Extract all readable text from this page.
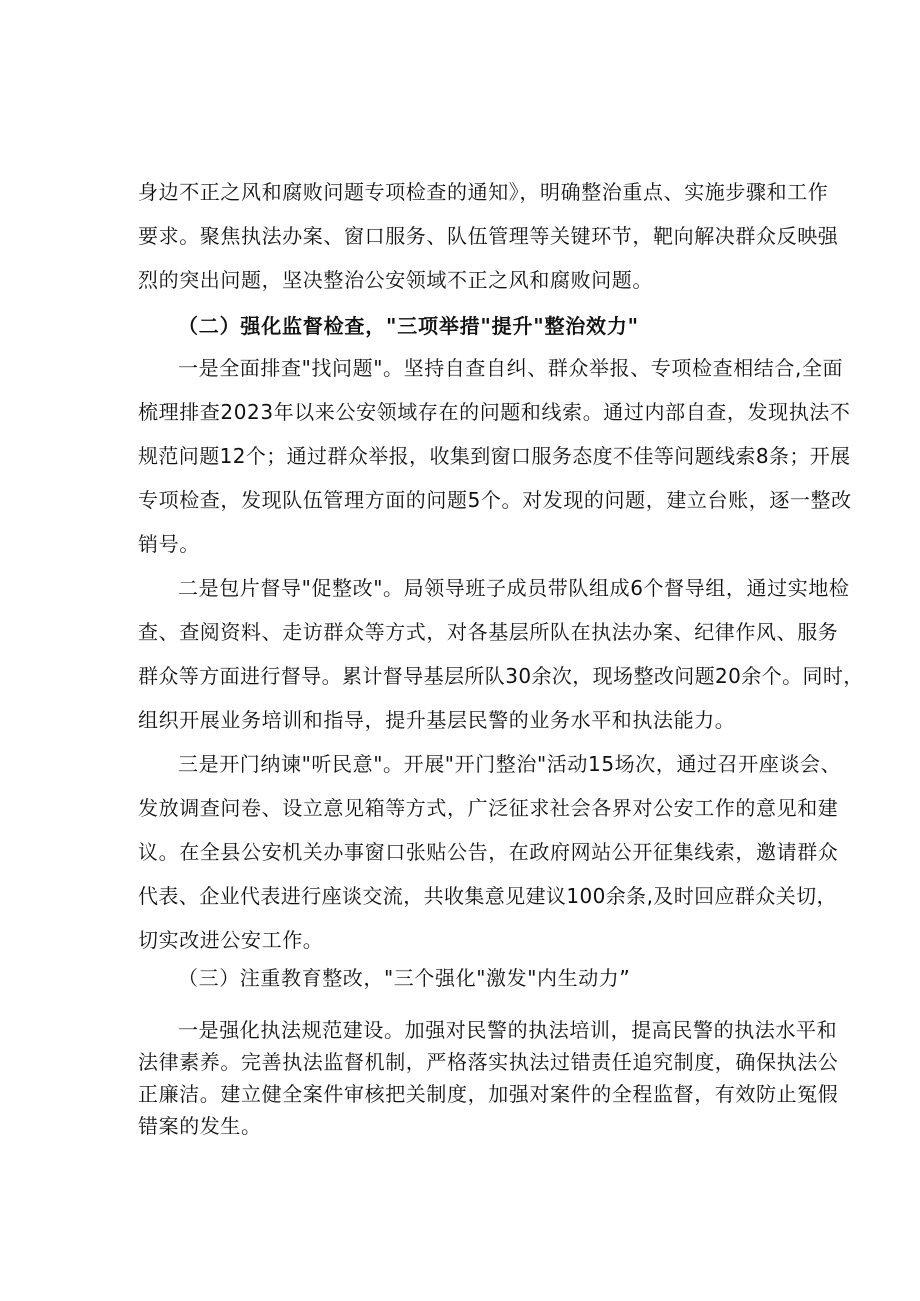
身边不正之风和腐败问题专项检查的通知》，明确整治重点、实施步骤和工作
要求。聚焦执法办案、窗口服务、队伍管理等关键环节，靶向解决群众反映强
烈的突出问题，坚决整治公安领域不正之风和腐败问题。
（二）强化监督检查，"三项举措"提升"整治效力"
一是全面排查"找问题"。坚持自查自纠、群众举报、专项检查相结合,全面
梳理排查2023年以来公安领域存在的问题和线索。通过内部自查，发现执法不
规范问题12个；通过群众举报，收集到窗口服务态度不佳等问题线索8条；开展
专项检查，发现队伍管理方面的问题5个。对发现的问题，建立台账，逐一整改
销号。
二是包片督导"促整改"。局领导班子成员带队组成6个督导组，通过实地检
查、查阅资料、走访群众等方式，对各基层所队在执法办案、纪律作风、服务
群众等方面进行督导。累计督导基层所队30余次，现场整改问题20余个。同时，
组织开展业务培训和指导，提升基层民警的业务水平和执法能力。
三是开门纳谏"听民意"。开展"开门整治"活动15场次，通过召开座谈会、
发放调查问卷、设立意见箱等方式，广泛征求社会各界对公安工作的意见和建
议。在全县公安机关办事窗口张贴公告，在政府网站公开征集线索，邀请群众
代表、企业代表进行座谈交流，共收集意见建议100余条,及时回应群众关切，
切实改进公安工作。
（三）注重教育整改，"三个强化"激发"内生动力”
一是强化执法规范建设。加强对民警的执法培训，提高民警的执法水平和
法律素养。完善执法监督机制，严格落实执法过错责任追究制度，确保执法公
正廉洁。建立健全案件审核把关制度，加强对案件的全程监督，有效防止冤假
错案的发生。
